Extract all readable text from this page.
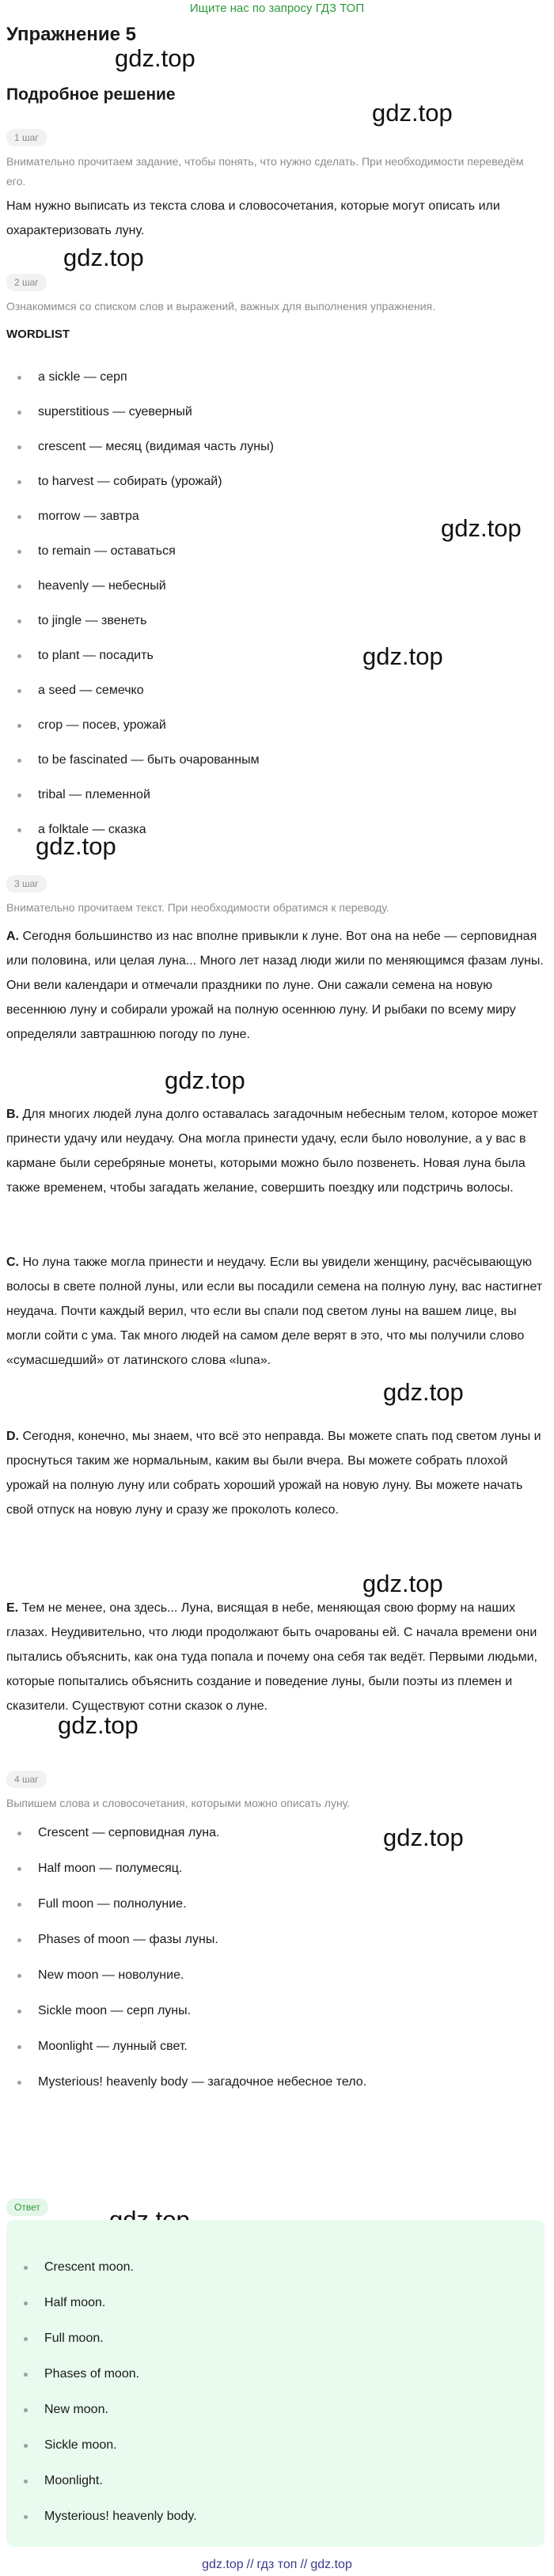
Ищите нас по запросу ГДЗ ТОП
Упражнение 5
Подробное решение
gdz.top
gdz.top
gdz.top
gdz.top
gdz.top
gdz.top
gdz.top
gdz.top
gdz.top
gdz.top
gdz.top
1 шаг
Внимательно прочитаем задание, чтобы понять, что нужно сделать. При необходимости переведём его.
Нам нужно выписать из текста слова и словосочетания, которые могут описать или охарактеризовать луну.
2 шаг
Ознакомимся со списком слов и выражений, важных для выполнения упражнения.
WORDLIST
a sickle — серп
superstitious — суеверный
crescent — месяц (видимая часть луны)
to harvest — собирать (урожай)
morrow — завтра
to remain — оставаться
heavenly — небесный
to jingle — звенеть
to plant — посадить
a seed — семечко
crop — посев, урожай
to be fascinated — быть очарованным
tribal — племенной
a folktale — сказка
3 шаг
Внимательно прочитаем текст. При необходимости обратимся к переводу.
A. Сегодня большинство из нас вполне привыкли к луне. Вот она на небе — серповидная или половина, или целая луна... Много лет назад люди жили по меняющимся фазам луны. Они вели календари и отмечали праздники по луне. Они сажали семена на новую весеннюю луну и собирали урожай на полную осеннюю луну. И рыбаки по всему миру определяли завтрашнюю погоду по луне.
B. Для многих людей луна долго оставалась загадочным небесным телом, которое может принести удачу или неудачу. Она могла принести удачу, если было новолуние, а у вас в кармане были серебряные монеты, которыми можно было позвенеть. Новая луна была также временем, чтобы загадать желание, совершить поездку или подстричь волосы.
C. Но луна также могла принести и неудачу. Если вы увидели женщину, расчёсывающую волосы в свете полной луны, или если вы посадили семена на полную луну, вас настигнет неудача. Почти каждый верил, что если вы спали под светом луны на вашем лице, вы могли сойти с ума. Так много людей на самом деле верят в это, что мы получили слово «сумасшедший» от латинского слова «luna».
D. Сегодня, конечно, мы знаем, что всё это неправда. Вы можете спать под светом луны и проснуться таким же нормальным, каким вы были вчера. Вы можете собрать плохой урожай на полную луну или собрать хороший урожай на новую луну. Вы можете начать свой отпуск на новую луну и сразу же проколоть колесо.
E. Тем не менее, она здесь... Луна, висящая в небе, меняющая свою форму на наших глазах. Неудивительно, что люди продолжают быть очарованы ей. С начала времени они пытались объяснить, как она туда попала и почему она себя так ведёт. Первыми людьми, которые попытались объяснить создание и поведение луны, были поэты из племен и сказители. Существуют сотни сказок о луне.
4 шаг
Выпишем слова и словосочетания, которыми можно описать луну.
Crescent — серповидная луна.
Half moon — полумесяц.
Full moon — полнолуние.
Phases of moon — фазы луны.
New moon — новолуние.
Sickle moon — серп луны.
Moonlight — лунный свет.
Mysterious! heavenly body — загадочное небесное тело.
Ответ
Crescent moon.
Half moon.
Full moon.
Phases of moon.
New moon.
Sickle moon.
Moonlight.
Mysterious! heavenly body.
gdz.top // гдз топ // gdz.top
